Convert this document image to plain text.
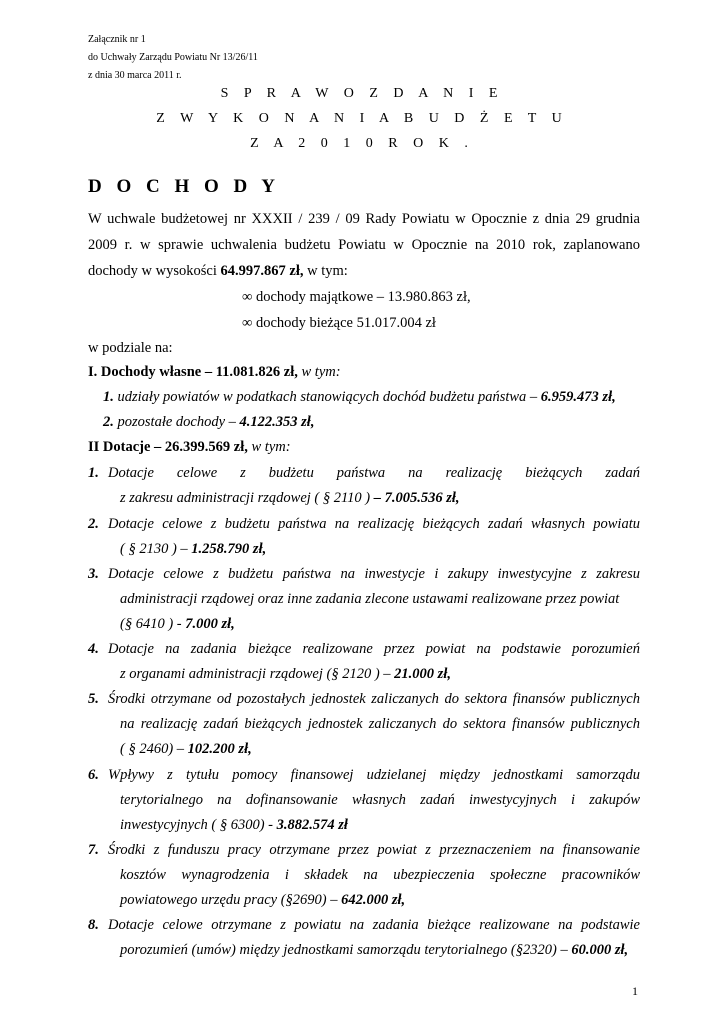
Załącznik nr 1
do Uchwały Zarządu Powiatu Nr 13/26/11
z dnia 30 marca 2011 r.
S P R A W O Z D A N I E
Z W Y K O N A N I A B U D Ż E T U
Z A 2 0 1 0 R O K .
D O C H O D Y
W uchwale budżetowej nr XXXII / 239 / 09 Rady Powiatu w Opocznie z dnia 29 grudnia
2009 r. w sprawie uchwalenia budżetu Powiatu w Opocznie na 2010 rok, zaplanowano
dochody w wysokości 64.997.867 zł, w tym:
∞ dochody majątkowe – 13.980.863 zł,
∞ dochody bieżące 51.017.004 zł
w podziale na:
I. Dochody własne – 11.081.826 zł, w tym:
1. udziały powiatów w podatkach stanowiących dochód budżetu państwa – 6.959.473 zł,
2. pozostałe dochody – 4.122.353 zł,
II Dotacje – 26.399.569 zł, w tym:
1. Dotacje celowe z budżetu państwa na realizację bieżących zadań
z zakresu administracji rządowej ( § 2110 ) – 7.005.536 zł,
2. Dotacje celowe z budżetu państwa na realizację bieżących zadań własnych powiatu
( § 2130 ) – 1.258.790 zł,
3. Dotacje celowe z budżetu państwa na inwestycje i zakupy inwestycyjne z zakresu
administracji rządowej oraz inne zadania zlecone ustawami realizowane przez powiat
(§ 6410 ) - 7.000 zł,
4. Dotacje na zadania bieżące realizowane przez powiat na podstawie porozumień
z organami administracji rządowej (§ 2120 ) – 21.000 zł,
5. Środki otrzymane od pozostałych jednostek zaliczanych do sektora finansów publicznych
na realizację zadań bieżących jednostek zaliczanych do sektora finansów publicznych
( § 2460) – 102.200 zł,
6. Wpływy z tytułu pomocy finansowej udzielanej między jednostkami samorządu
terytorialnego na dofinansowanie własnych zadań inwestycyjnych i zakupów
inwestycyjnych ( § 6300) - 3.882.574 zł
7. Środki z funduszu pracy otrzymane przez powiat z przeznaczeniem na finansowanie
kosztów wynagrodzenia i składek na ubezpieczenia społeczne pracowników
powiatowego urzędu pracy (§2690) – 642.000 zł,
8. Dotacje celowe otrzymane z powiatu na zadania bieżące realizowane na podstawie
porozumień (umów) między jednostkami samorządu terytorialnego (§2320) – 60.000 zł,
1
